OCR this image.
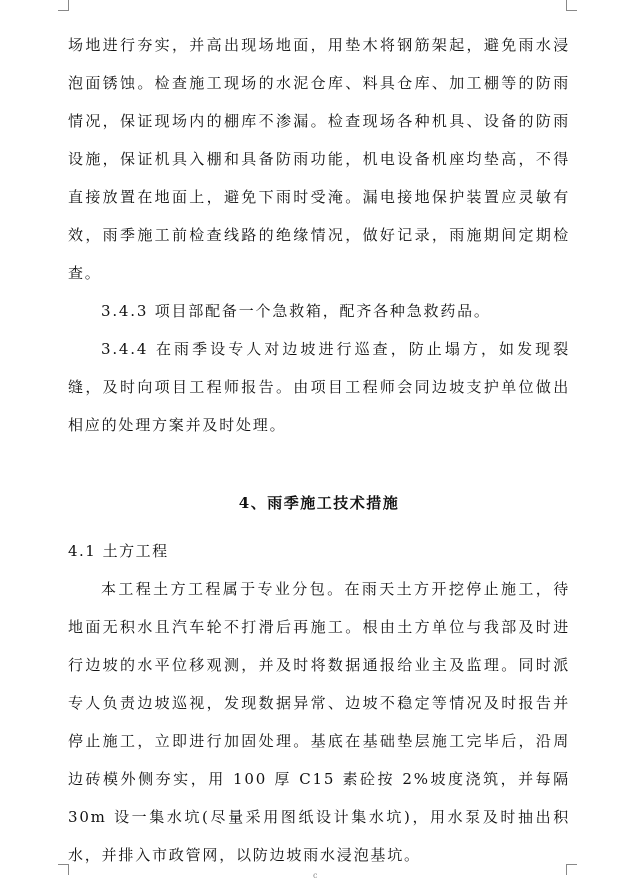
场地进行夯实，并高出现场地面，用垫木将钢筋架起，避免雨水浸泡面锈蚀。检查施工现场的水泥仓库、料具仓库、加工棚等的防雨情况，保证现场内的棚库不渗漏。检查现场各种机具、设备的防雨设施，保证机具入棚和具备防雨功能，机电设备机座均垫高，不得直接放置在地面上，避免下雨时受淹。漏电接地保护装置应灵敏有效，雨季施工前检查线路的绝缘情况，做好记录，雨施期间定期检查。

3.4.3 项目部配备一个急救箱，配齐各种急救药品。

3.4.4 在雨季设专人对边坡进行巡查，防止塌方，如发现裂缝，及时向项目工程师报告。由项目工程师会同边坡支护单位做出相应的处理方案并及时处理。

4、雨季施工技术措施
4.1 土方工程

本工程土方工程属于专业分包。在雨天土方开挖停止施工，待地面无积水且汽车轮不打滑后再施工。根由土方单位与我部及时进行边坡的水平位移观测，并及时将数据通报给业主及监理。同时派专人负责边坡巡视，发现数据异常、边坡不稳定等情况及时报告并停止施工，立即进行加固处理。基底在基础垫层施工完毕后，沿周边砖模外侧夯实，用 100 厚 C15 素砼按 2%坡度浇筑，并每隔 30m 设一集水坑(尽量采用图纸设计集水坑)，用水泵及时抽出积水，并排入市政管网，以防边坡雨水浸泡基坑。

c
